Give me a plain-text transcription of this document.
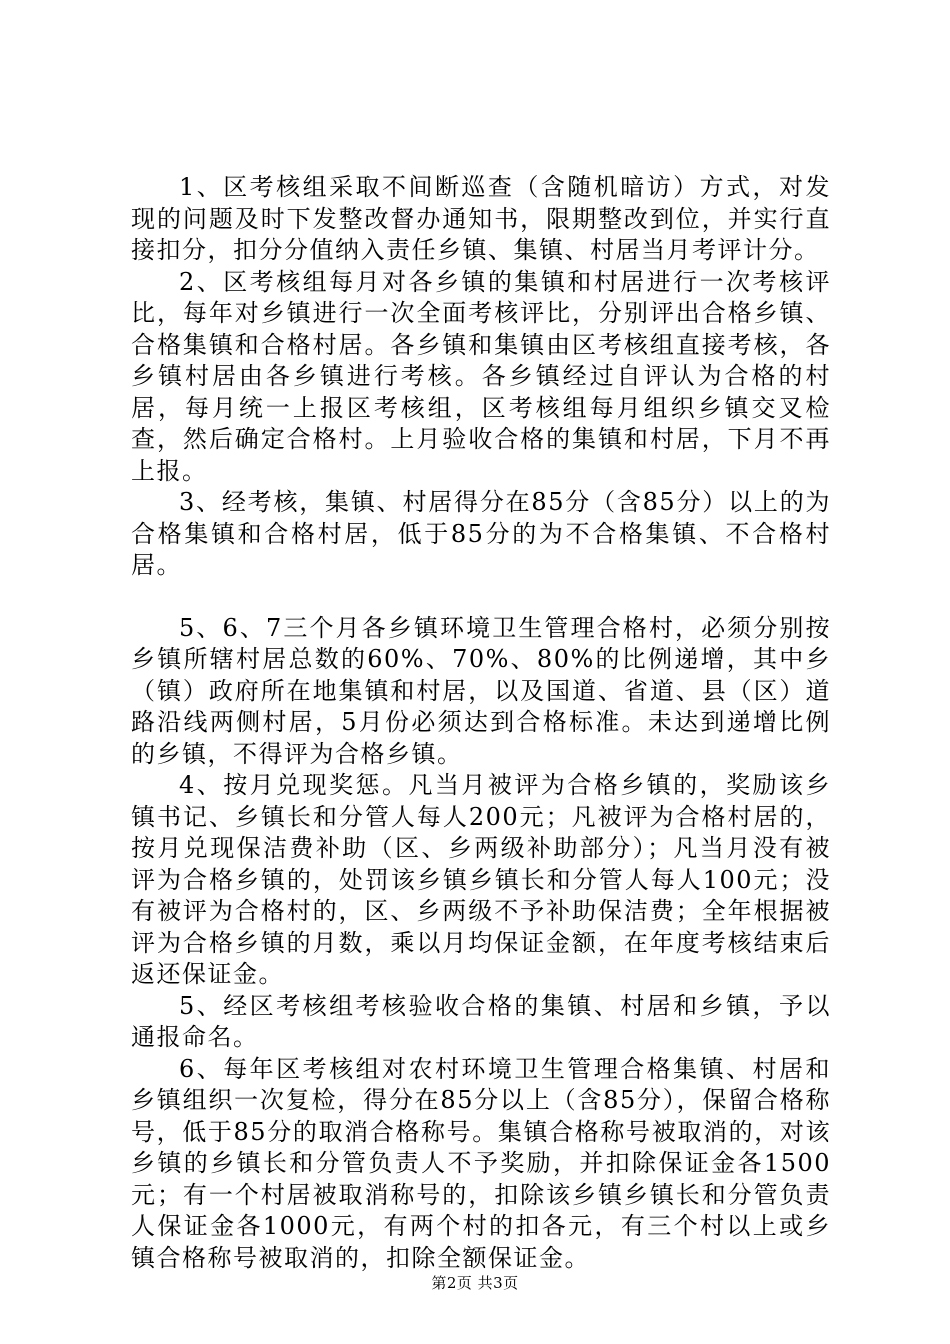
1、区考核组采取不间断巡查（含随机暗访）方式，对发现的问题及时下发整改督办通知书，限期整改到位，并实行直接扣分，扣分分值纳入责任乡镇、集镇、村居当月考评计分。

2、区考核组每月对各乡镇的集镇和村居进行一次考核评比，每年对乡镇进行一次全面考核评比，分别评出合格乡镇、合格集镇和合格村居。各乡镇和集镇由区考核组直接考核，各乡镇村居由各乡镇进行考核。各乡镇经过自评认为合格的村居，每月统一上报区考核组，区考核组每月组织乡镇交叉检查，然后确定合格村。上月验收合格的集镇和村居，下月不再上报。

3、经考核，集镇、村居得分在85分（含85分）以上的为合格集镇和合格村居，低于85分的为不合格集镇、不合格村居。

5、6、7三个月各乡镇环境卫生管理合格村，必须分别按乡镇所辖村居总数的60%、70%、80%的比例递增，其中乡（镇）政府所在地集镇和村居，以及国道、省道、县（区）道路沿线两侧村居，5月份必须达到合格标准。未达到递增比例的乡镇，不得评为合格乡镇。

4、按月兑现奖惩。凡当月被评为合格乡镇的，奖励该乡镇书记、乡镇长和分管人每人200元；凡被评为合格村居的，按月兑现保洁费补助（区、乡两级补助部分）；凡当月没有被评为合格乡镇的，处罚该乡镇乡镇长和分管人每人100元；没有被评为合格村的，区、乡两级不予补助保洁费；全年根据被评为合格乡镇的月数，乘以月均保证金额，在年度考核结束后返还保证金。

5、经区考核组考核验收合格的集镇、村居和乡镇，予以通报命名。

6、每年区考核组对农村环境卫生管理合格集镇、村居和乡镇组织一次复检，得分在85分以上（含85分），保留合格称号，低于85分的取消合格称号。集镇合格称号被取消的，对该乡镇的乡镇长和分管负责人不予奖励，并扣除保证金各1500元；有一个村居被取消称号的，扣除该乡镇乡镇长和分管负责人保证金各1000元，有两个村的扣各元，有三个村以上或乡镇合格称号被取消的，扣除全额保证金。

第2页 共3页
